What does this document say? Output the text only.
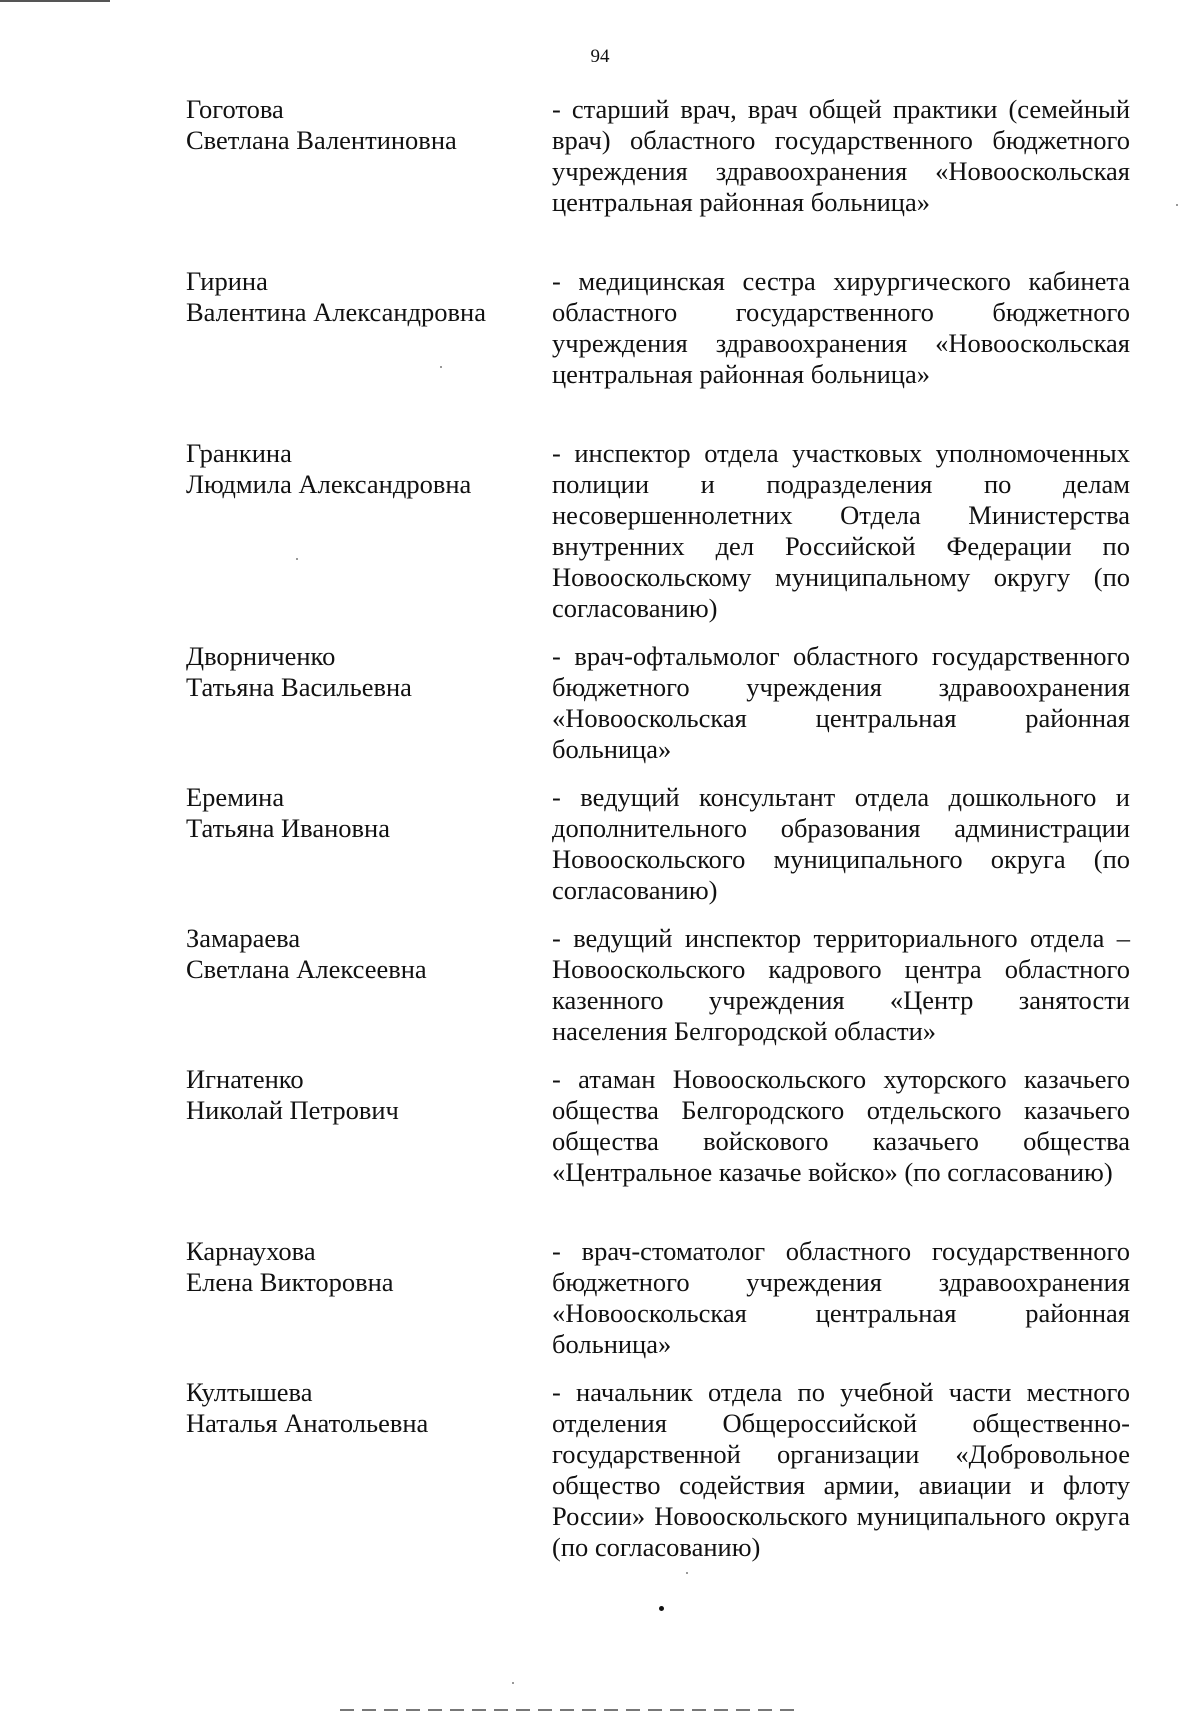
94
Гоготова
Светлана Валентиновна
- старший врач, врач общей практики (семейный врач) областного государственного бюджетного учреждения здравоохранения «Новооскольская центральная районная больница»
Гирина
Валентина Александровна
- медицинская сестра хирургического кабинета областного государственного бюджетного учреждения здравоохранения «Новооскольская центральная районная больница»
Гранкина
Людмила Александровна
- инспектор отдела участковых уполномоченных полиции и подразделения по делам несовершеннолетних Отдела Министерства внутренних дел Российской Федерации по Новооскольскому муниципальному округу (по согласованию)
Дворниченко
Татьяна Васильевна
- врач-офтальмолог областного государственного бюджетного учреждения здравоохранения «Новооскольская центральная районная больница»
Еремина
Татьяна Ивановна
- ведущий консультант отдела дошкольного и дополнительного образования администрации Новооскольского муниципального округа (по согласованию)
Замараева
Светлана Алексеевна
- ведущий инспектор территориального отдела – Новооскольского кадрового центра областного казенного учреждения «Центр занятости населения Белгородской области»
Игнатенко
Николай Петрович
- атаман Новооскольского хуторского казачьего общества Белгородского отдельского казачьего общества войскового казачьего общества «Центральное казачье войско» (по согласованию)
Карнаухова
Елена Викторовна
- врач-стоматолог областного государственного бюджетного учреждения здравоохранения «Новооскольская центральная районная больница»
Култышева
Наталья Анатольевна
- начальник отдела по учебной части местного отделения Общероссийской общественно-государственной организации «Добровольное общество содействия армии, авиации и флоту России» Новооскольского муниципального округа (по согласованию)
